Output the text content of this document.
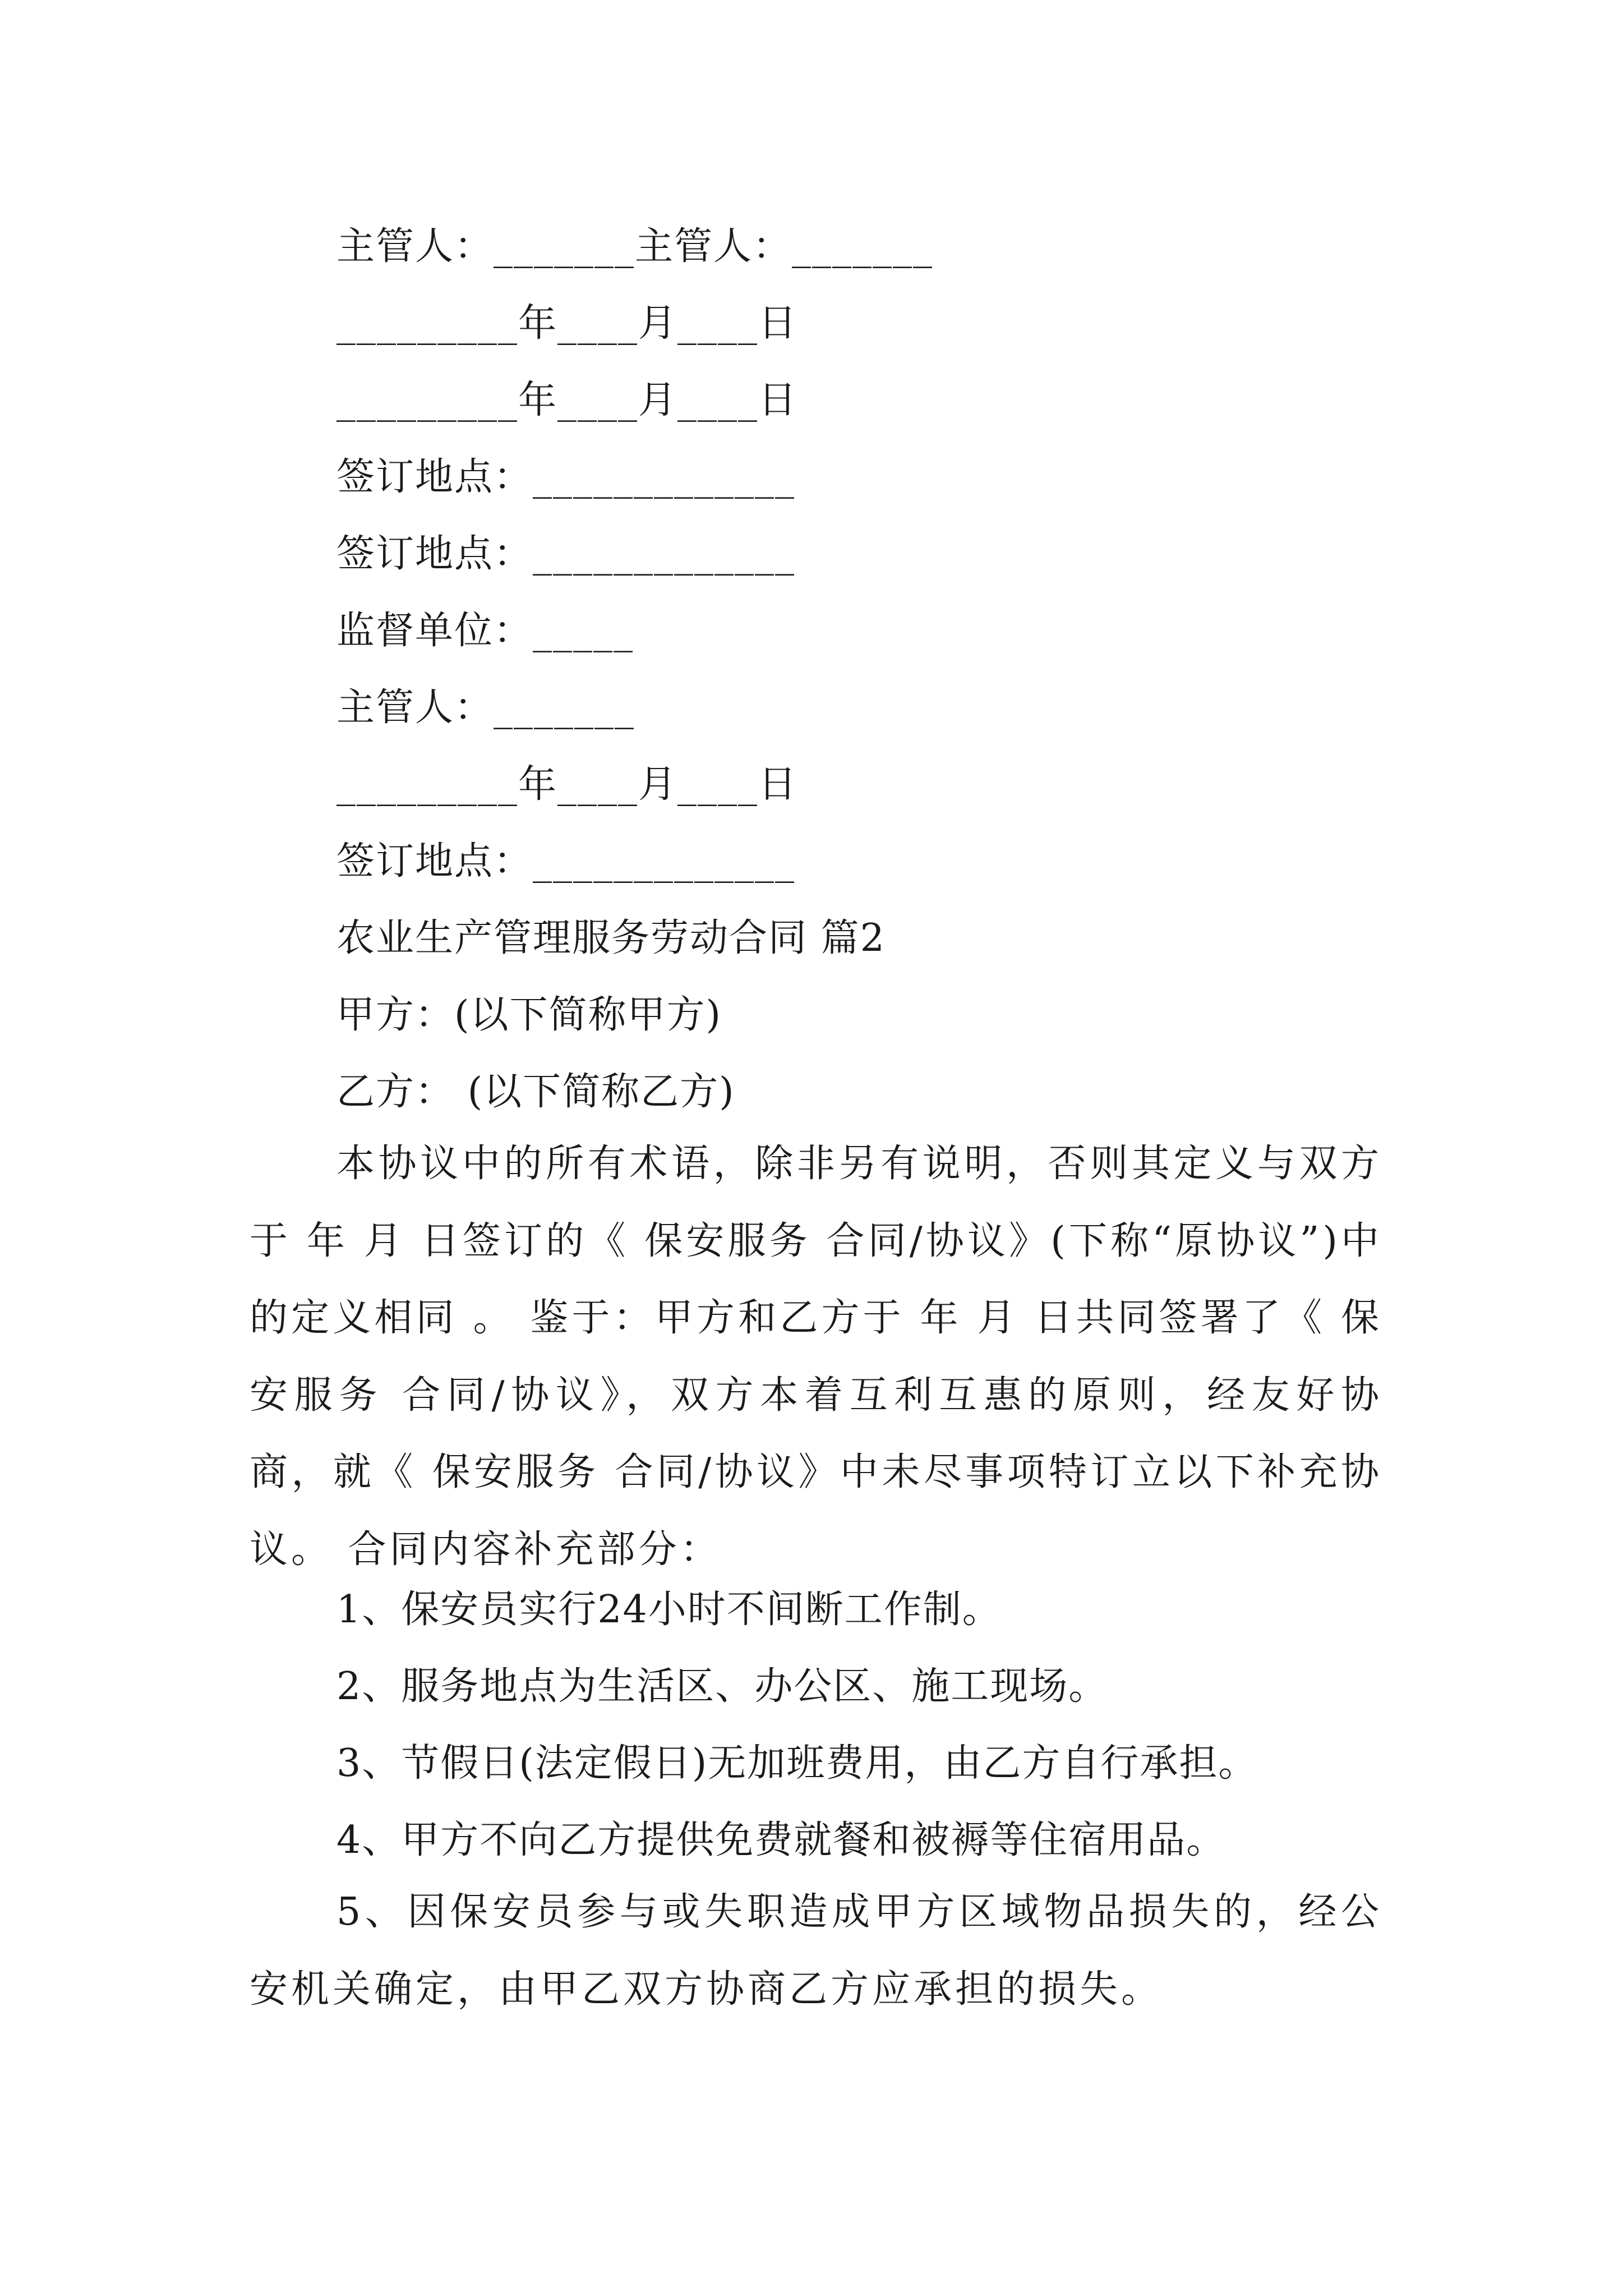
主管人：_______主管人：_______
_________年____月____日
_________年____月____日
签订地点：_____________
签订地点：_____________
监督单位：_____
主管人：_______
_________年____月____日
签订地点：_____________
农业生产管理服务劳动合同 篇2
甲方：(以下简称甲方)
乙方： (以下简称乙方)
本协议中的所有术语，除非另有说明，否则其定义与双方于 年 月 日签订的《 保安服务 合同/协议》(下称“原协议”)中的定义相同 。 鉴于：甲方和乙方于 年 月 日共同签署了《 保安服务 合同/协议》，双方本着互利互惠的原则，经友好协商，就《 保安服务 合同/协议》中未尽事项特订立以下补充协议。 合同内容补充部分：
1、保安员实行24小时不间断工作制。
2、服务地点为生活区、办公区、施工现场。
3、节假日(法定假日)无加班费用，由乙方自行承担。
4、甲方不向乙方提供免费就餐和被褥等住宿用品。
5、因保安员参与或失职造成甲方区域物品损失的，经公安机关确定，由甲乙双方协商乙方应承担的损失。
